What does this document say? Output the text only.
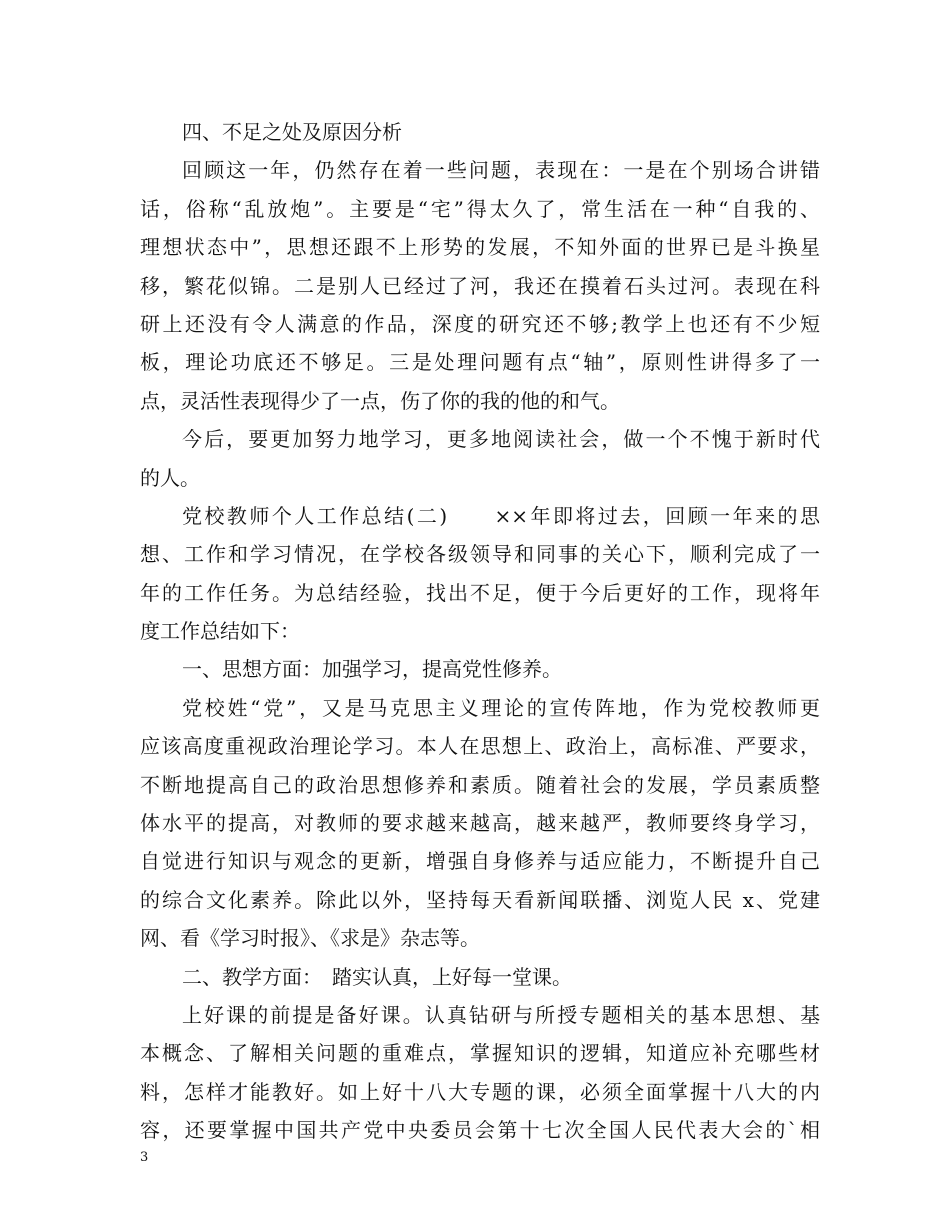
四、不足之处及原因分析
回顾这一年，仍然存在着一些问题，表现在：一是在个别场合讲错
话，俗称“乱放炮”。主要是“宅”得太久了，常生活在一种“自我的、
理想状态中”，思想还跟不上形势的发展，不知外面的世界已是斗换星
移，繁花似锦。二是别人已经过了河，我还在摸着石头过河。表现在科
研上还没有令人满意的作品，深度的研究还不够;教学上也还有不少短
板，理论功底还不够足。三是处理问题有点“轴”，原则性讲得多了一
点，灵活性表现得少了一点，伤了你的我的他的和气。
今后，要更加努力地学习，更多地阅读社会，做一个不愧于新时代
的人。
党校教师个人工作总结(二)　　××年即将过去，回顾一年来的思
想、工作和学习情况，在学校各级领导和同事的关心下，顺利完成了一
年的工作任务。为总结经验，找出不足，便于今后更好的工作，现将年
度工作总结如下：
一、思想方面：加强学习，提高党性修养。
党校姓“党”，又是马克思主义理论的宣传阵地，作为党校教师更
应该高度重视政治理论学习。本人在思想上、政治上，高标准、严要求，
不断地提高自己的政治思想修养和素质。随着社会的发展，学员素质整
体水平的提高，对教师的要求越来越高，越来越严，教师要终身学习，
自觉进行知识与观念的更新，增强自身修养与适应能力，不断提升自己
的综合文化素养。除此以外，坚持每天看新闻联播、浏览人民 x、党建
网、看《学习时报》、《求是》杂志等。
二、教学方面：　踏实认真，上好每一堂课。
上好课的前提是备好课。认真钻研与所授专题相关的基本思想、基
本概念、了解相关问题的重难点，掌握知识的逻辑，知道应补充哪些材
料，怎样才能教好。如上好十八大专题的课，必须全面掌握十八大的内
容，还要掌握中国共产党中央委员会第十七次全国人民代表大会的`相
3
